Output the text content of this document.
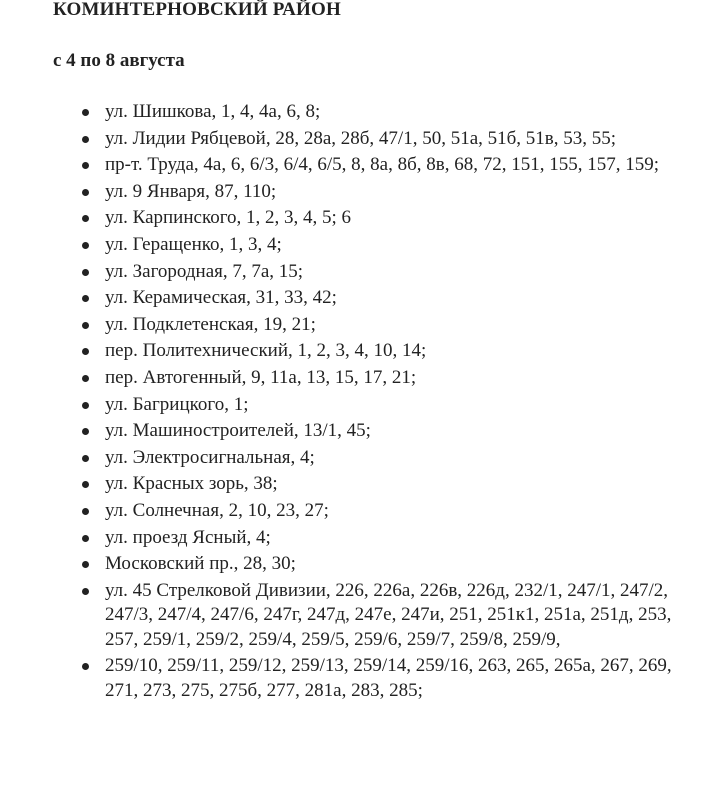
КОМИНТЕРНОВСКИЙ РАЙОН

с 4 по 8 августа

ул. Шишкова, 1, 4, 4а, 6, 8;
ул. Лидии Рябцевой, 28, 28а, 28б, 47/1, 50, 51а, 51б, 51в, 53, 55;
пр-т. Труда, 4а, 6, 6/3, 6/4, 6/5, 8, 8а, 8б, 8в, 68, 72, 151, 155, 157, 159;
ул. 9 Января, 87, 110;
ул. Карпинского, 1, 2, 3, 4, 5; 6
ул. Геращенко, 1, 3, 4;
ул. Загородная, 7, 7а, 15;
ул. Керамическая, 31, 33, 42;
ул. Подклетенская, 19, 21;
пер. Политехнический, 1, 2, 3, 4, 10, 14;
пер. Автогенный, 9, 11а, 13, 15, 17, 21;
ул. Багрицкого, 1;
ул. Машиностроителей, 13/1, 45;
ул. Электросигнальная, 4;
ул. Красных зорь, 38;
ул. Солнечная, 2, 10, 23, 27;
ул. проезд Ясный, 4;
Московский пр., 28, 30;
ул. 45 Стрелковой Дивизии, 226, 226а, 226в, 226д, 232/1, 247/1, 247/2, 247/3, 247/4, 247/6, 247г, 247д, 247е, 247и, 251, 251к1, 251а, 251д, 253, 257, 259/1, 259/2, 259/4, 259/5, 259/6, 259/7, 259/8, 259/9,
259/10, 259/11, 259/12, 259/13, 259/14, 259/16, 263, 265, 265а, 267, 269, 271, 273, 275, 275б, 277, 281а, 283, 285;
